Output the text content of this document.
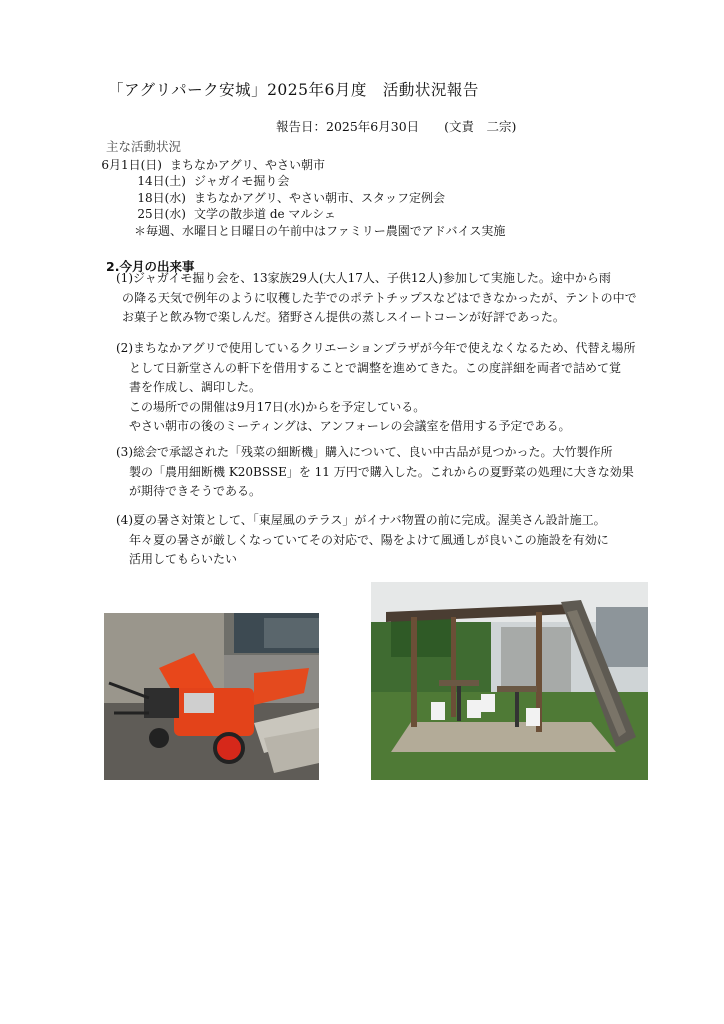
「アグリパーク安城」2025年6月度　活動状況報告
報告日：2025年6月30日　　(文責　二宗)
主な活動状況
6月1日(日) まちなかアグリ、やさい朝市
14日(土) ジャガイモ掘り会
18日(水) まちなかアグリ、やさい朝市、スタッフ定例会
25日(水) 文学の散歩道 de マルシェ
＊毎週、水曜日と日曜日の午前中はファミリー農園でアドバイス実施
2.今月の出来事
(1)ジャガイモ掘り会を、13家族29人(大人17人、子供12人)参加して実施した。途中から雨
の降る天気で例年のように収穫した芋でのポテトチップスなどはできなかったが、テントの中で
お菓子と飲み物で楽しんだ。猪野さん提供の蒸しスイートコーンが好評であった。
(2)まちなかアグリで使用しているクリエーションプラザが今年で使えなくなるため、代替え場所
として日新堂さんの軒下を借用することで調整を進めてきた。この度詳細を両者で詰めて覚
書を作成し、調印した。
この場所での開催は9月17日(水)からを予定している。
やさい朝市の後のミーティングは、アンフォーレの会議室を借用する予定である。
(3)総会で承認された「残菜の細断機」購入について、良い中古品が見つかった。大竹製作所
製の「農用細断機 K20BSSE」を 11 万円で購入した。これからの夏野菜の処理に大きな効果
が期待できそうである。
(4)夏の暑さ対策として、「東屋風のテラス」がイナバ物置の前に完成。渥美さん設計施工。
年々夏の暑さが厳しくなっていてその対応で、陽をよけて風通しが良いこの施設を有効に
活用してもらいたい
